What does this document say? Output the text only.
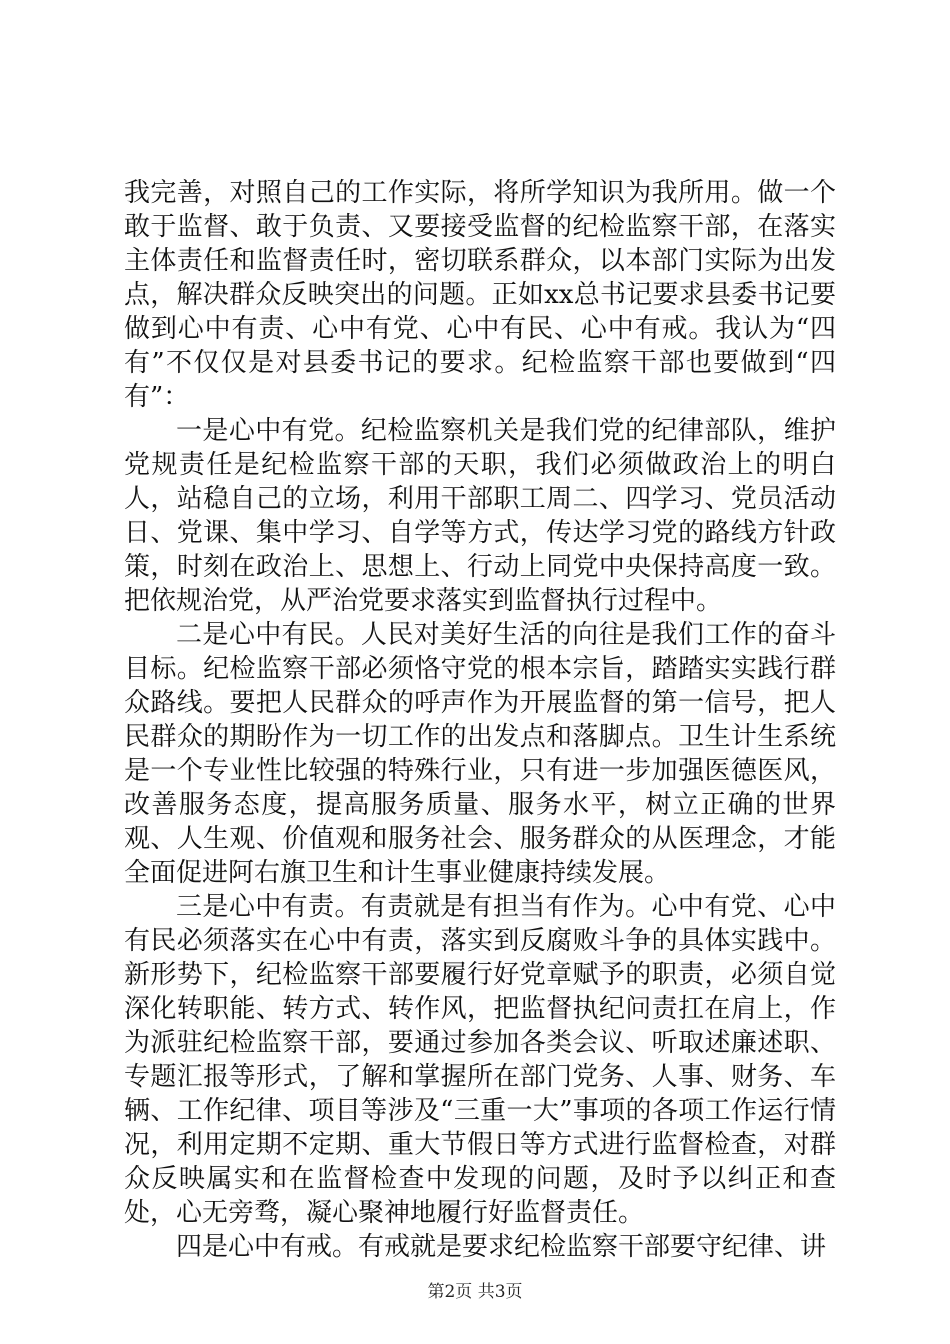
我完善，对照自己的工作实际，将所学知识为我所用。做一个敢于监督、敢于负责、又要接受监督的纪检监察干部，在落实主体责任和监督责任时，密切联系群众，以本部门实际为出发点，解决群众反映突出的问题。正如xx总书记要求县委书记要做到心中有责、心中有党、心中有民、心中有戒。我认为“四有”不仅仅是对县委书记的要求。纪检监察干部也要做到“四有”：

一是心中有党。纪检监察机关是我们党的纪律部队，维护党规责任是纪检监察干部的天职，我们必须做政治上的明白人，站稳自己的立场，利用干部职工周二、四学习、党员活动日、党课、集中学习、自学等方式，传达学习党的路线方针政策，时刻在政治上、思想上、行动上同党中央保持高度一致。把依规治党，从严治党要求落实到监督执行过程中。

二是心中有民。人民对美好生活的向往是我们工作的奋斗目标。纪检监察干部必须恪守党的根本宗旨，踏踏实实践行群众路线。要把人民群众的呼声作为开展监督的第一信号，把人民群众的期盼作为一切工作的出发点和落脚点。卫生计生系统是一个专业性比较强的特殊行业，只有进一步加强医德医风，改善服务态度，提高服务质量、服务水平，树立正确的世界观、人生观、价值观和服务社会、服务群众的从医理念，才能全面促进阿右旗卫生和计生事业健康持续发展。

三是心中有责。有责就是有担当有作为。心中有党、心中有民必须落实在心中有责，落实到反腐败斗争的具体实践中。新形势下，纪检监察干部要履行好党章赋予的职责，必须自觉深化转职能、转方式、转作风，把监督执纪问责扛在肩上，作为派驻纪检监察干部，要通过参加各类会议、听取述廉述职、专题汇报等形式，了解和掌握所在部门党务、人事、财务、车辆、工作纪律、项目等涉及“三重一大”事项的各项工作运行情况，利用定期不定期、重大节假日等方式进行监督检查，对群众反映属实和在监督检查中发现的问题，及时予以纠正和查处，心无旁骛，凝心聚神地履行好监督责任。

四是心中有戒。有戒就是要求纪检监察干部要守纪律、讲

第2页 共3页
